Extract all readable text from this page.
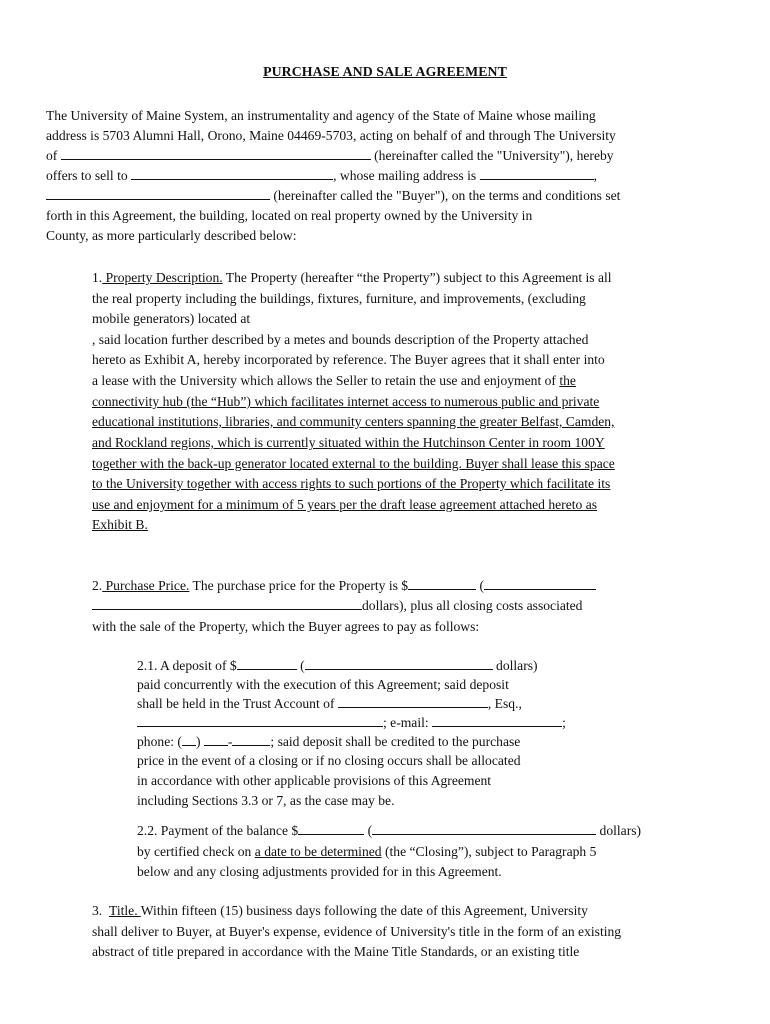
PURCHASE AND SALE AGREEMENT
The University of Maine System, an instrumentality and agency of the State of Maine whose mailing
address is 5703 Alumni Hall, Orono, Maine 04469-5703, acting on behalf of and through The University
of	(hereinafter called the "University"), hereby
offers to sell to	, whose mailing address is	,
(hereinafter called the "Buyer"), on the terms and conditions set
forth in this Agreement, the building, located on real property owned by the University in
County, as more particularly described below:
1. Property Description. The Property (hereafter “the Property”) subject to this Agreement is all
the real property including the buildings, fixtures, furniture, and improvements, (excluding
mobile generators) located at
, said location further described by a metes and bounds description of the Property attached
hereto as Exhibit A, hereby incorporated by reference. The Buyer agrees that it shall enter into
a lease with the University which allows the Seller to retain the use and enjoyment of the
connectivity hub (the “Hub”) which facilitates internet access to numerous public and private
educational institutions, libraries, and community centers spanning the greater Belfast, Camden,
and Rockland regions, which is currently situated within the Hutchinson Center in room 100Y
together with the back-up generator located external to the building. Buyer shall lease this space
to the University together with access rights to such portions of the Property which facilitate its
use and enjoyment for a minimum of 5 years per the draft lease agreement attached hereto as
Exhibit B.
2. Purchase Price. The purchase price for the Property is $	(
dollars), plus all closing costs associated
with the sale of the Property, which the Buyer agrees to pay as follows:
2.1. A deposit of $	(	dollars)
paid concurrently with the execution of this Agreement; said deposit
shall be held in the Trust Account of	, Esq.,
; e-mail:	;
phone: ( ) -	; said deposit shall be credited to the purchase
price in the event of a closing or if no closing occurs shall be allocated
in accordance with other applicable provisions of this Agreement
including Sections 3.3 or 7, as the case may be.
2.2. Payment of the balance $	(	dollars)
by certified check on a date to be determined (the “Closing”), subject to Paragraph 5
below and any closing adjustments provided for in this Agreement.
3. Title. Within fifteen (15) business days following the date of this Agreement, University
shall deliver to Buyer, at Buyer's expense, evidence of University's title in the form of an existing
abstract of title prepared in accordance with the Maine Title Standards, or an existing title
